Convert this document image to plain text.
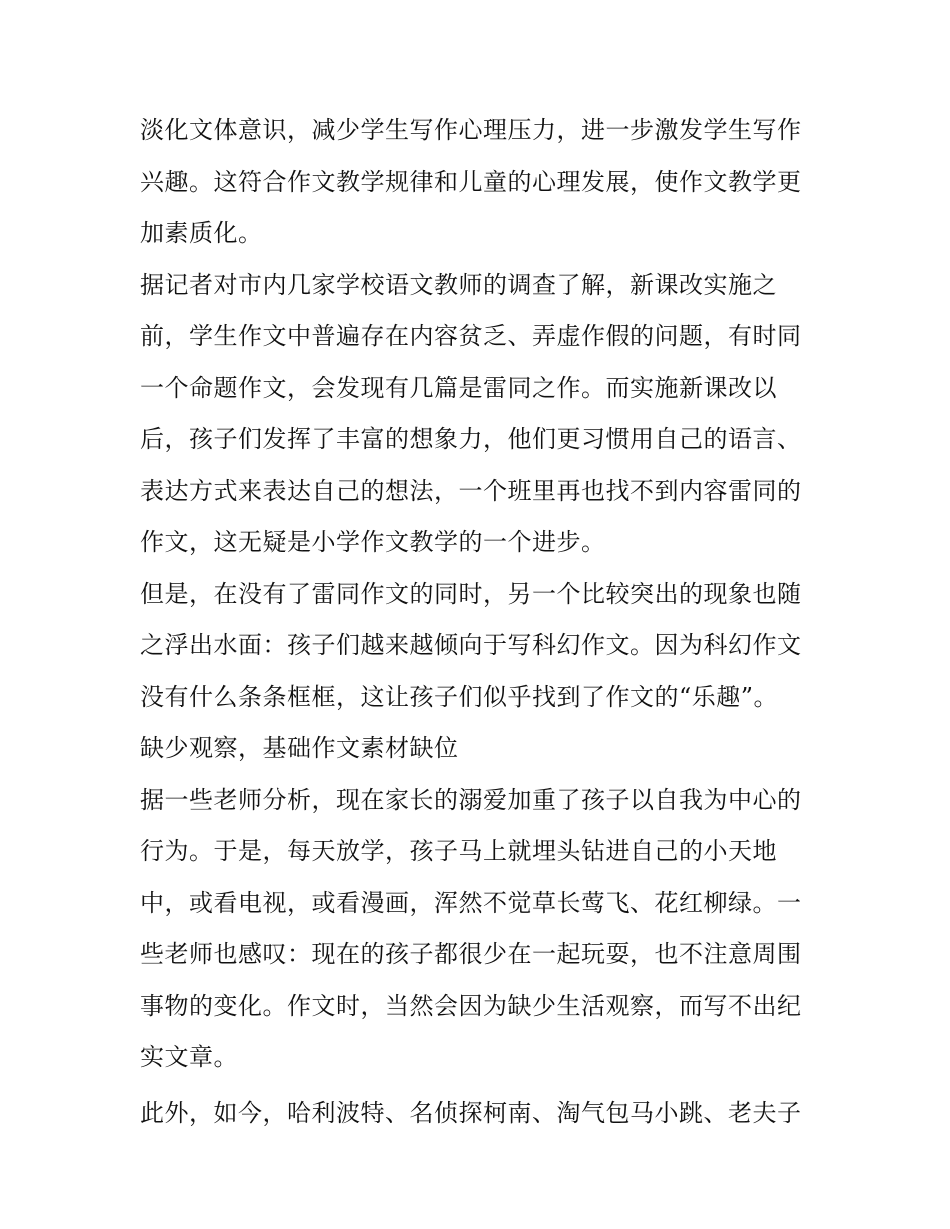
淡化文体意识，减少学生写作心理压力，进一步激发学生写作
兴趣。这符合作文教学规律和儿童的心理发展，使作文教学更
加素质化。
据记者对市内几家学校语文教师的调查了解，新课改实施之
前，学生作文中普遍存在内容贫乏、弄虚作假的问题，有时同
一个命题作文，会发现有几篇是雷同之作。而实施新课改以
后，孩子们发挥了丰富的想象力，他们更习惯用自己的语言、
表达方式来表达自己的想法，一个班里再也找不到内容雷同的
作文，这无疑是小学作文教学的一个进步。
但是，在没有了雷同作文的同时，另一个比较突出的现象也随
之浮出水面：孩子们越来越倾向于写科幻作文。因为科幻作文
没有什么条条框框，这让孩子们似乎找到了作文的“乐趣”。
缺少观察，基础作文素材缺位
据一些老师分析，现在家长的溺爱加重了孩子以自我为中心的
行为。于是，每天放学，孩子马上就埋头钻进自己的小天地
中，或看电视，或看漫画，浑然不觉草长莺飞、花红柳绿。一
些老师也感叹：现在的孩子都很少在一起玩耍，也不注意周围
事物的变化。作文时，当然会因为缺少生活观察，而写不出纪
实文章。
此外，如今，哈利波特、名侦探柯南、淘气包马小跳、老夫子
